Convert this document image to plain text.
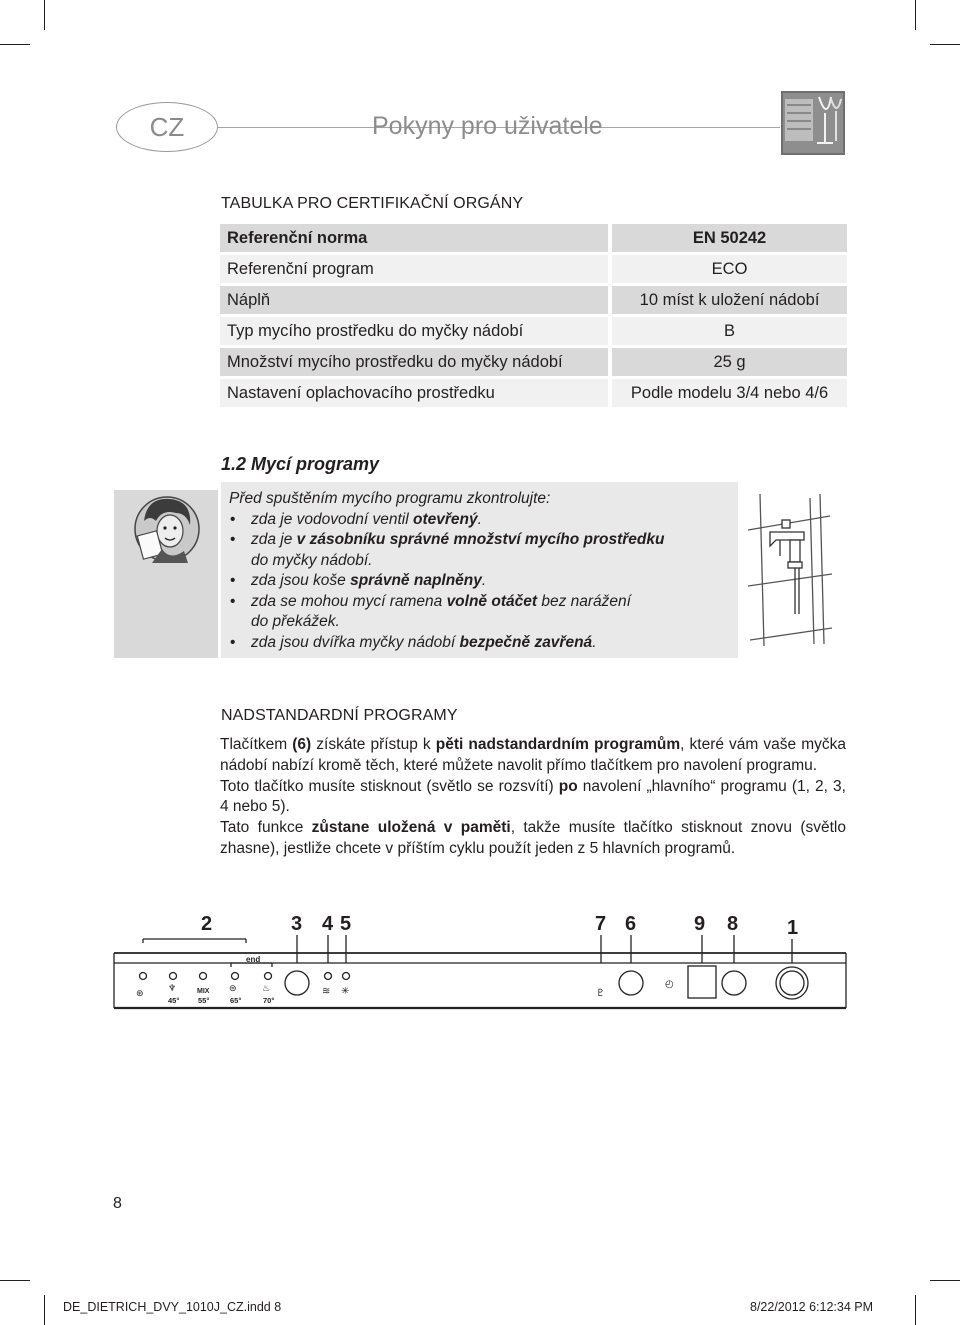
CZ	Pokyny pro uživatele
TABULKA PRO CERTIFIKAČNÍ ORGÁNY
Referenční norma	EN 50242
Referenční program	ECO
Náplň	10 míst k uložení nádobí
Typ mycího prostředku do myčky nádobí	B
Množství mycího prostředku do myčky nádobí	25 g
Nastavení oplachovacího prostředku	Podle modelu 3/4 nebo 4/6
1.2 Mycí programy

Před spuštěním mycího programu zkontrolujte:

• zda je vodovodní ventil otevřený.
• zda je v zásobníku správné množství mycího prostředku
do myčky nádobí.
• zda jsou koše správně naplněny.
• zda se mohou mycí ramena volně otáčet bez narážení
do překážek.
• zda jsou dvířka myčky nádobí bezpečně zavřená.
NADSTANDARDNÍ PROGRAMY

Tlačítkem (6) získáte přístup k pěti nadstandardním programům, které vám vaše myčka nádobí nabízí kromě těch, které můžete navolit přímo tlačítkem pro navolení programu.

Toto tlačítko musíte stisknout (světlo se rozsvítí) po navolení „hlavního“ programu (1, 2, 3, 4 nebo 5).

Tato funkce zůstane uložená v paměti, takže musíte tlačítko stisknout znovu (světlo zhasne), jestliže chcete v příštím cyklu použít jeden z 5 hlavních programů.

2	3 4 5	7 6	9 8 1
⊛	♆	⊜	♨	≋ ✳	♇
◴
end
MIX
45° 55°	65°	70°
8
DE_DIETRICH_DVY_1010J_CZ.indd 8	8/22/2012 6:12:34 PM
